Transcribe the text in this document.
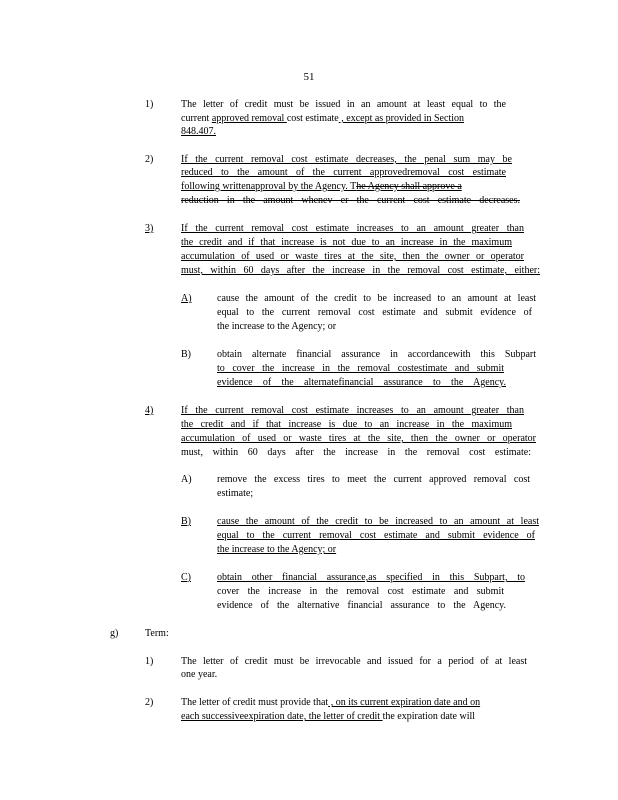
51
1)	The letter of credit must be issued in an amount at least equal to the
current approved removal cost estimate , except as provided in Section
848.407.
2)	If the current removal cost estimate decreases, the penal sum may be
reduced to the amount of the current approvedremoval cost estimate
following writtenapproval by the Agency. The Agency shall approve a
reduction in the amount whenev er the current cost estimate decreases.
3)	If the current removal cost estimate increases to an amount greater than
the credit and if that increase is not due to an increase in the maximum
accumulation of used or waste tires at the site, then the owner or operator
must, within 60 days after the increase in the removal cost estimate, either:
A)	cause the amount of the credit to be increased to an amount at least
equal to the current removal cost estimate and submit evidence of
the increase to the Agency; or
B)	obtain alternate financial assurance in accordancewith this Subpart
to cover the increase in the removal costestimate and submit
evidence of the alternatefinancial assurance to the Agency.
4)	If the current removal cost estimate increases to an amount greater than
the credit and if that increase is due to an increase in the maximum
accumulation of used or waste tires at the site, then the owner or operator
must, within 60 days after the increase in the removal cost estimate:
A)	remove the excess tires to meet the current approved removal cost
estimate;
B)	cause the amount of the credit to be increased to an amount at least
equal to the current removal cost estimate and submit evidence of
the increase to the Agency; or
C)	obtain other financial assurance,as specified in this Subpart, to
cover the increase in the removal cost estimate and submit
evidence of the alternative financial assurance to the Agency.
g)	Term:
1)	The letter of credit must be irrevocable and issued for a period of at least
one year.
2)	The letter of credit must provide that , on its current expiration date and on
each successiveexpiration date, the letter of credit the expiration date will
